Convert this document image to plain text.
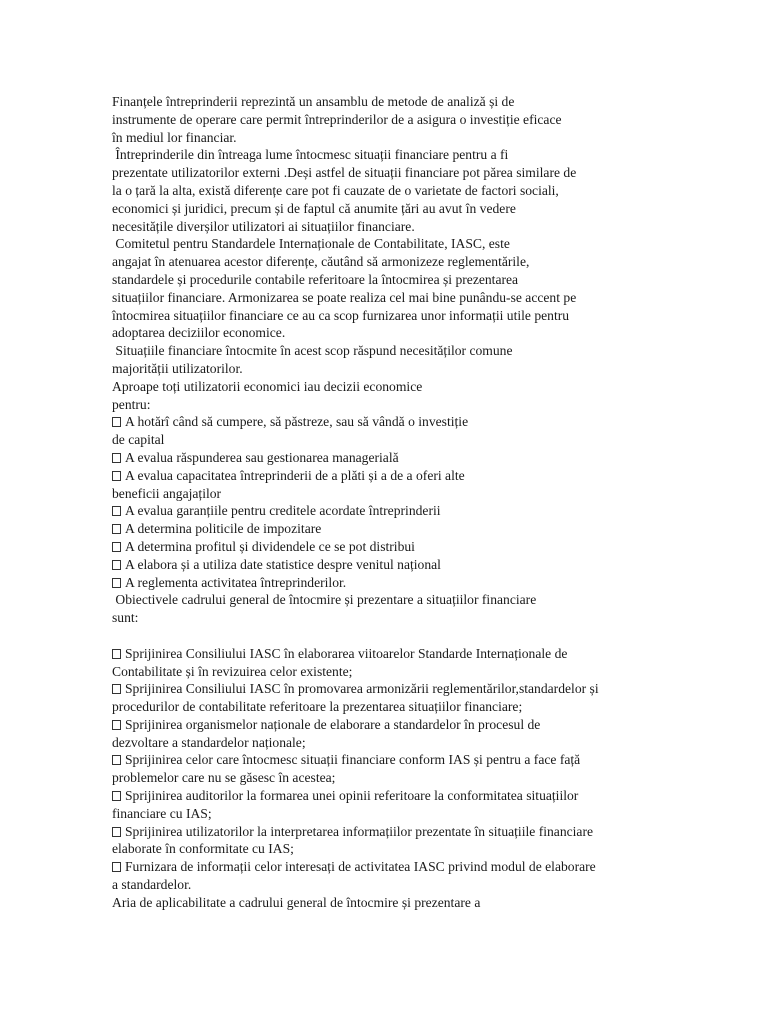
Finanțele întreprinderii reprezintă un ansamblu de metode de analiză și de
instrumente de operare care permit întreprinderilor de a asigura o investiție eficace
în mediul lor financiar.
Întreprinderile din întreaga lume întocmesc situații financiare pentru a fi
prezentate utilizatorilor externi .Deși astfel de situații financiare pot părea similare de
la o țară la alta, există diferențe care pot fi cauzate de o varietate de factori sociali,
economici și juridici, precum și de faptul că anumite țări au avut în vedere
necesitățile diverșilor utilizatori ai situațiilor financiare.
Comitetul pentru Standardele Internaționale de Contabilitate, IASC, este
angajat în atenuarea acestor diferențe, căutând să armonizeze reglementările,
standardele și procedurile contabile referitoare la întocmirea și prezentarea
situațiilor financiare. Armonizarea se poate realiza cel mai bine punându-se accent pe
întocmirea situațiilor financiare ce au ca scop furnizarea unor informații utile pentru
adoptarea deciziilor economice.
Situațiile financiare întocmite în acest scop răspund necesităților comune
majorității utilizatorilor.
Aproape toți utilizatorii economici iau decizii economice
pentru:
A hotărî când să cumpere, să păstreze, sau să vândă o investiție
de capital
A evalua răspunderea sau gestionarea managerială
A evalua capacitatea întreprinderii de a plăti și a de a oferi alte
beneficii angajaților
A evalua garanțiile pentru creditele acordate întreprinderii
A determina politicile de impozitare
A determina profitul și dividendele ce se pot distribui
A elabora și a utiliza date statistice despre venitul național
A reglementa activitatea întreprinderilor.
Obiectivele cadrului general de întocmire și prezentare a situațiilor financiare
sunt:
Sprijinirea Consiliului IASC în elaborarea viitoarelor Standarde Internaționale de
Contabilitate și în revizuirea celor existente;
Sprijinirea Consiliului IASC în promovarea armonizării reglementărilor,standardelor și
procedurilor de contabilitate referitoare la prezentarea situațiilor financiare;
Sprijinirea organismelor naționale de elaborare a standardelor în procesul de
dezvoltare a standardelor naționale;
Sprijinirea celor care întocmesc situații financiare conform IAS și pentru a face față
problemelor care nu se găsesc în acestea;
Sprijinirea auditorilor la formarea unei opinii referitoare la conformitatea situațiilor
financiare cu IAS;
Sprijinirea utilizatorilor la interpretarea informațiilor prezentate în situațiile financiare
elaborate în conformitate cu IAS;
Furnizara de informații celor interesați de activitatea IASC privind modul de elaborare
a standardelor.
Aria de aplicabilitate a cadrului general de întocmire și prezentare a
